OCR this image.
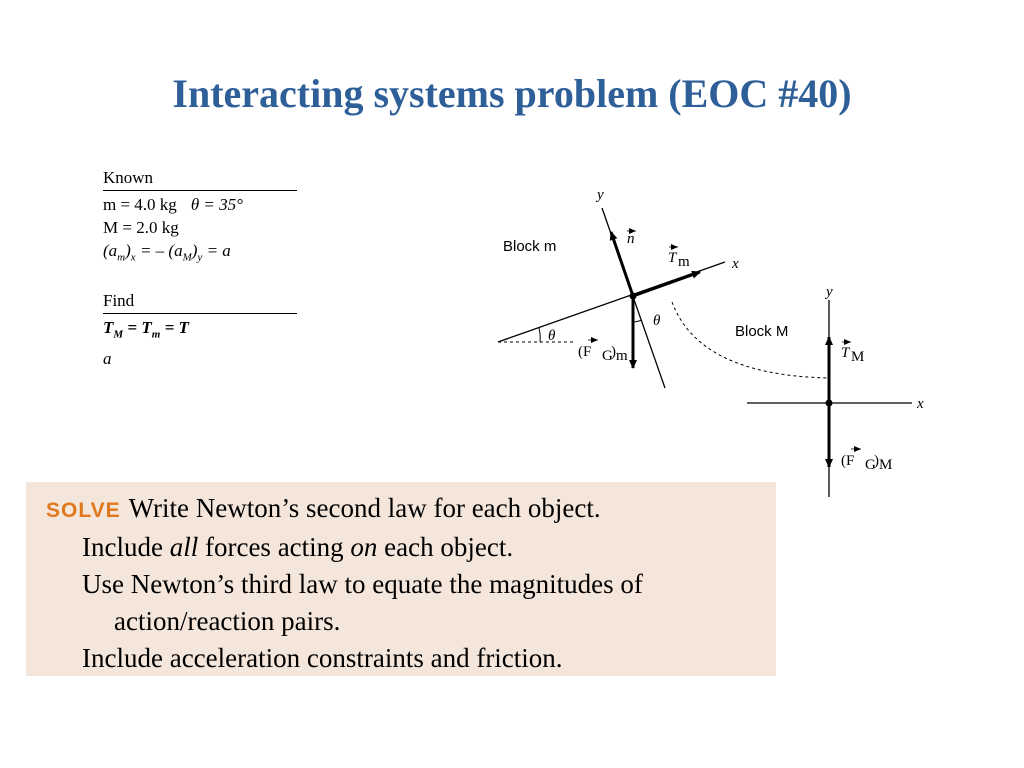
Interacting systems problem (EOC #40)
Known
m = 4.0 kg θ = 35°
M = 2.0 kg
$(a_m)_x$ = – $(a_M)_y = a$
Find
$T_M = T_m = T$
a
θ
θ
Block m
y
x
n
T m
(F G
) m
Block M
y
x
T M
(F G
) M
SOLVE Write Newton’s second law for each object.
Include all forces acting on each object.
Use Newton’s third law to equate the magnitudes of
action/reaction pairs.
Include acceleration constraints and friction.
